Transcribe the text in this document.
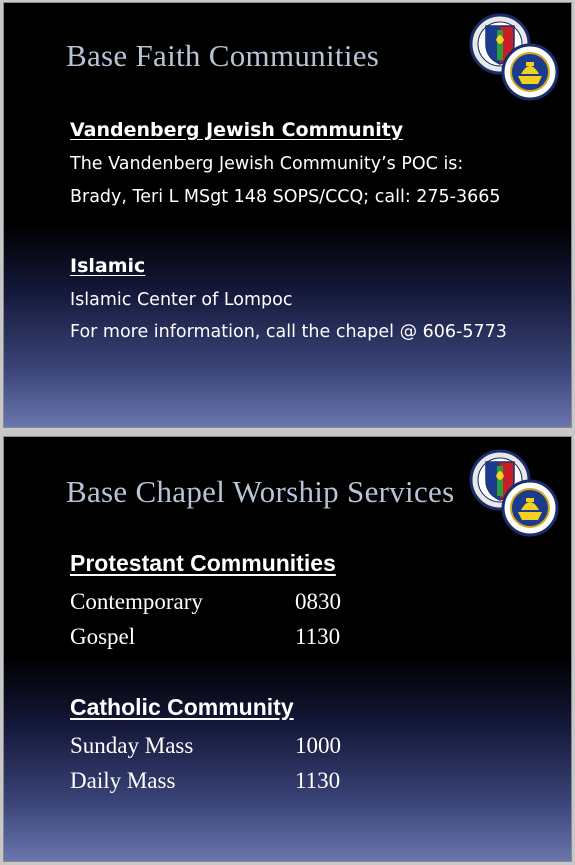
Base Faith Communities
Vandenberg Jewish Community
The Vandenberg Jewish Community’s POC is:
Brady, Teri L MSgt 148 SOPS/CCQ; call: 275-3665
Islamic
Islamic Center of Lompoc
For more information, call the chapel @ 606-5773
Base Chapel Worship Services
Protestant Communities
Contemporary	0830
Gospel	1130
Catholic Community
Sunday Mass	1000
Daily Mass	1130
